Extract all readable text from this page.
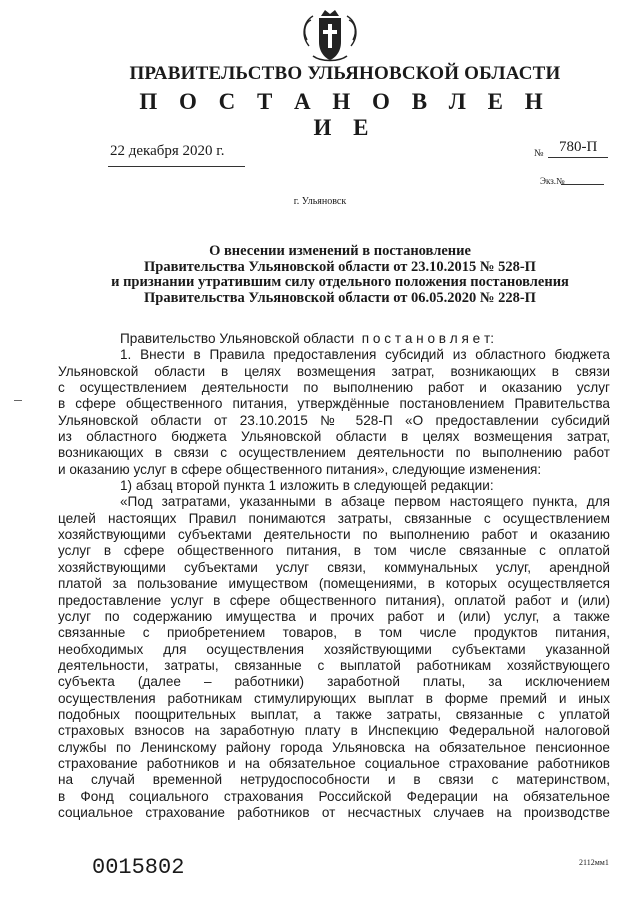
ПРАВИТЕЛЬСТВО УЛЬЯНОВСКОЙ ОБЛАСТИ
П О С Т А Н О В Л Е Н И Е
22 декабря 2020 г.	№ 780-П
Экз.№
г. Ульяновск
О внесении изменений в постановление
Правительства Ульяновской области от 23.10.2015 № 528-П
и признании утратившим силу отдельного положения постановления
Правительства Ульяновской области от 06.05.2020 № 228-П
Правительство Ульяновской области  п о с т а н о в л я е т:
1. Внести в Правила предоставления субсидий из областного бюджета
Ульяновской области в целях возмещения затрат, возникающих в связи
с осуществлением деятельности по выполнению работ и оказанию услуг
в сфере общественного питания, утверждённые постановлением Правительства
Ульяновской области от 23.10.2015 № 528-П «О предоставлении субсидий
из областного бюджета Ульяновской области в целях возмещения затрат,
возникающих в связи с осуществлением деятельности по выполнению работ
и оказанию услуг в сфере общественного питания», следующие изменения:
1) абзац второй пункта 1 изложить в следующей редакции:
«Под затратами, указанными в абзаце первом настоящего пункта, для
целей настоящих Правил понимаются затраты, связанные с осуществлением
хозяйствующими субъектами деятельности по выполнению работ и оказанию
услуг в сфере общественного питания, в том числе связанные с оплатой
хозяйствующими субъектами услуг связи, коммунальных услуг, арендной
платой за пользование имуществом (помещениями, в которых осуществляется
предоставление услуг в сфере общественного питания), оплатой работ и (или)
услуг по содержанию имущества и прочих работ и (или) услуг, а также
связанные с приобретением товаров, в том числе продуктов питания,
необходимых для осуществления хозяйствующими субъектами указанной
деятельности, затраты, связанные с выплатой работникам хозяйствующего
субъекта (далее – работники) заработной платы, за исключением
осуществления работникам стимулирующих выплат в форме премий и иных
подобных поощрительных выплат, а также затраты, связанные с уплатой
страховых взносов на заработную плату в Инспекцию Федеральной налоговой
службы по Ленинскому району города Ульяновска на обязательное пенсионное
страхование работников и на обязательное социальное страхование работников
на случай временной нетрудоспособности и в связи с материнством,
в Фонд социального страхования Российской Федерации на обязательное
социальное страхование работников от несчастных случаев на производстве
0015802	2112мм1
